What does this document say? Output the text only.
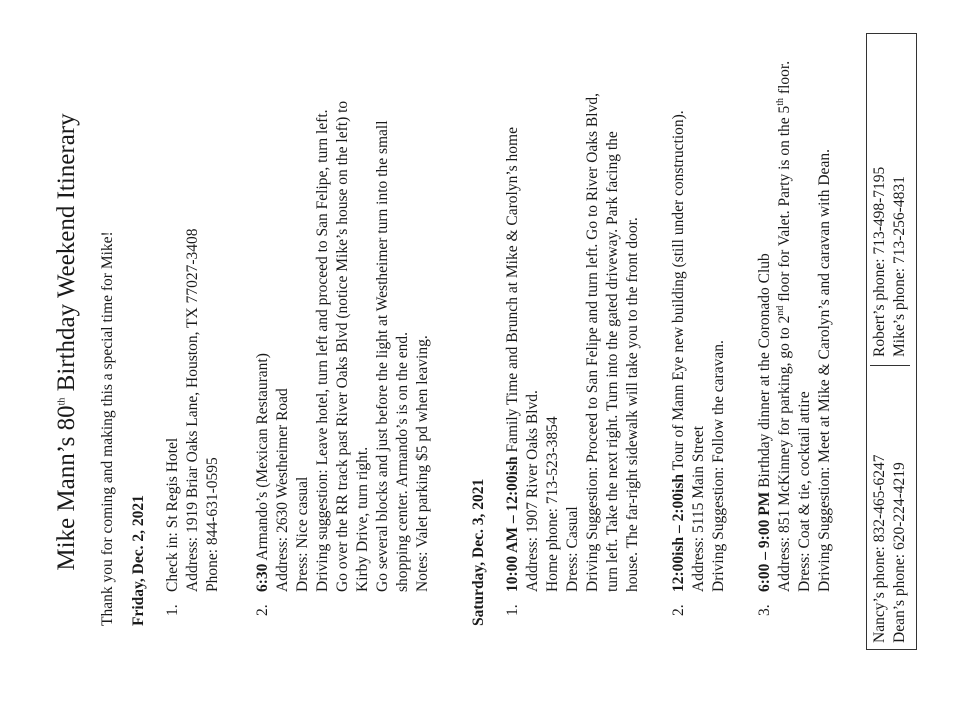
Mike Mann’s 80th Birthday Weekend Itinerary Thank you for coming and making this a special time for Mike! Friday, Dec. 2, 2021 1.
Check in: St Regis Hotel Address: 1919 Briar Oaks Lane, Houston, TX 77027-3408 Phone: 844-631-0595
2.
6:30 Armando’s (Mexican Restaurant) Address: 2630 Westheimer Road Dress: Nice casual Driving suggestion: Leave hotel, turn left and proceed to San Felipe, turn left. Go over the RR track past River Oaks Blvd (notice Mike’s house on the left) to Kirby Drive, turn right. Go several blocks and just before the light at Westheimer turn into the small shopping center. Armando’s is on the end. Notes: Valet parking $5 pd when leaving.	Saturday, Dec. 3, 2021 1.
10:00 AM – 12:00ish Family Time and Brunch at Mike & Carolyn’s home
Address: 1907 River Oaks Blvd. Home phone: 713-523-3854 Dress: Casual Driving Suggestion: Proceed to San Felipe and turn left. Go to River Oaks Blvd, turn left. Take the next right. Turn into the gated driveway. Park facing the house. The far-right sidewalk will take you to the front door.
2.
12:00ish – 2:00ish Tour of Mann Eye new building (still under construction).
Address: 5115 Main Street Driving Suggestion: Follow the caravan.
3.
6:00 – 9:00 PM Birthday dinner at the Coronado Club Address: 851 McKinney for parking, go to 2nd floor for Valet. Party is on the 5th floor.
Dress: Coat & tie, cocktail attire Driving Suggestion: Meet at Mike & Carolyn’s and caravan with Dean. Nancy’s phone: 832-465-6247	Robert’s phone: 713-498-7195
Dean’s phone: 620-224-4219	Mike’s phone: 713-256-4831
